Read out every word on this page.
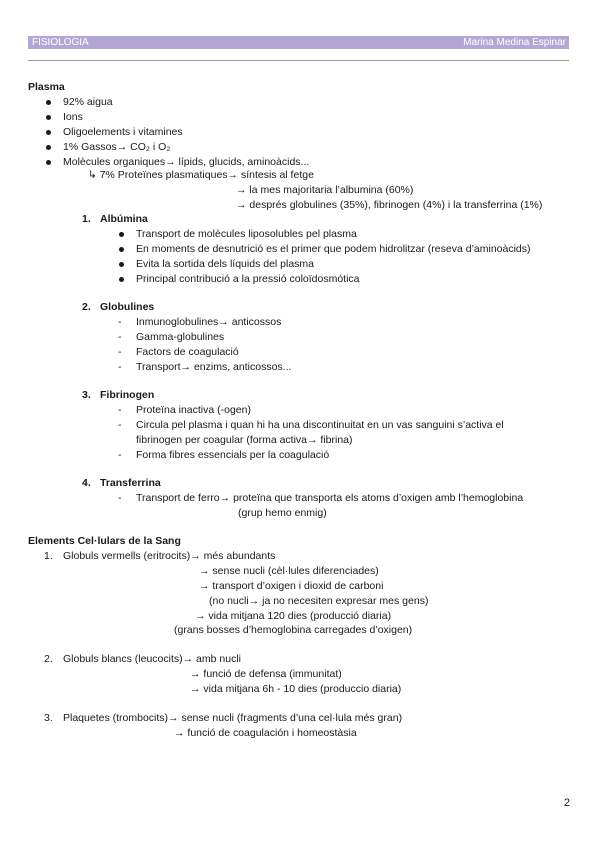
FISIOLOGIA	Marina Medina Espinar
Plasma
92% aigua
Ions
Oligoelements i vitamines
1% Gassos→ CO₂ i O₂
Molècules organiques→ lípids, glucids, aminoàcids...
↳ 7% Proteïnes plasmatiques→ síntesis al fetge
→ la mes majoritaria l’albumina (60%)
→ després globulines (35%), fibrinogen (4%) i la transferrina (1%)
1. Albúmina
Transport de molècules liposolubles pel plasma
En moments de desnutrició es el primer que podem hidrolitzar (reseva d’aminoàcids)
Evita la sortida dels líquids del plasma
Principal contribució a la pressió coloïdosmótica
2. Globulines
- Inmunoglobulines→ anticossos
- Gamma-globulines
- Factors de coagulació
- Transport→ enzims, anticossos...
3. Fibrinogen
- Proteïna inactiva (-ogen)
- Circula pel plasma i quan hi ha una discontinuitat en un vas sanguini s’activa el
fibrinogen per coagular (forma activa→ fibrina)
- Forma fibres essencials per la coagulació
4. Transferrina
- Transport de ferro→ proteïna que transporta els atoms d’oxigen amb l’hemoglobina
(grup hemo enmig)
Elements Cel·lulars de la Sang
1. Globuls vermells (eritrocits)→ més abundants
→ sense nucli (cèl·lules diferenciades)
→ transport d’oxigen i dioxid de carboni
(no nucli→ ja no necesiten expresar mes gens)
→ vida mitjana 120 dies (producció diaria)
(grans bosses d’hemoglobina carregades d’oxigen)
2. Globuls blancs (leucocits)→ amb nucli
→ funció de defensa (immunitat)
→ vida mitjana 6h - 10 dies (produccio diaria)
3. Plaquetes (trombocits)→ sense nucli (fragments d’una cel·lula més gran)
→ funció de coagulación i homeostàsia
2
